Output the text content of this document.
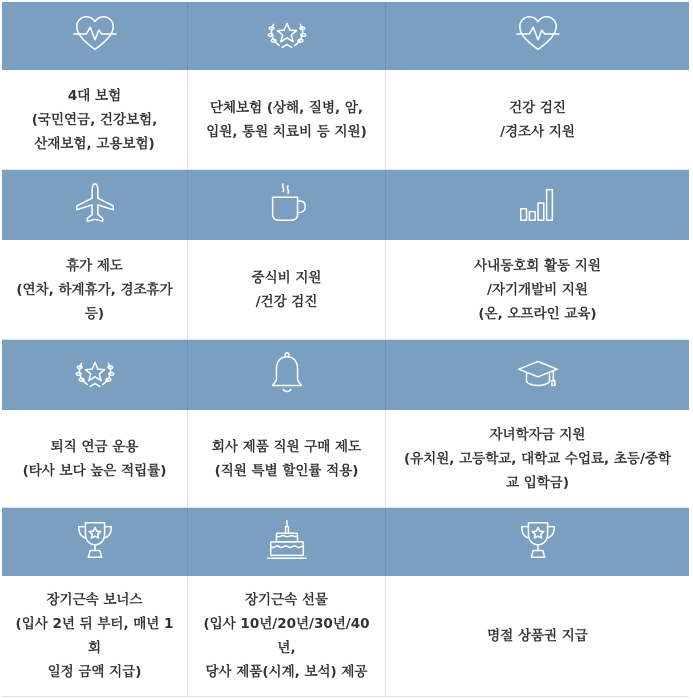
4대 보험
(국민연금, 건강보험,
산재보험, 고용보험)
단체보험 (상해, 질병, 암,
입원, 통원 치료비 등 지원)
건강 검진
/경조사 지원
휴가 제도
(연차, 하계휴가, 경조휴가
등)
중식비 지원
/건강 검진
사내동호회 활동 지원
/자기개발비 지원
(온, 오프라인 교육)
퇴직 연금 운용
(타사 보다 높은 적립률)
회사 제품 직원 구매 제도
(직원 특별 할인률 적용)
자녀학자금 지원
(유치원, 고등학교, 대학교 수업료, 초등/중학
교 입학금)
장기근속 보너스
(입사 2년 뒤 부터, 매년 1
회
일정 금액 지급)
장기근속 선물
(입사 10년/20년/30년/40년,
당사 제품(시계, 보석) 제공
명절 상품권 지급
